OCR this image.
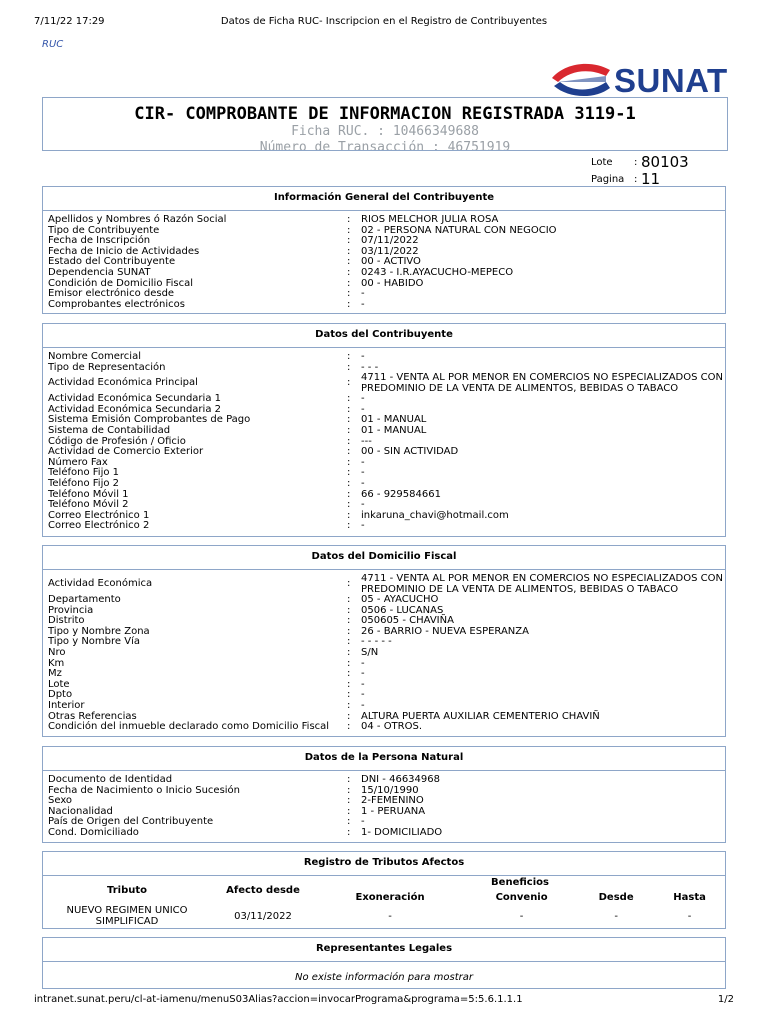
7/11/22 17:29	Datos de Ficha RUC- Inscripcion en el Registro de Contribuyentes
RUC
SUNAT
CIR- COMPROBANTE DE INFORMACION REGISTRADA 3119-1
Ficha RUC. : 10466349688
Número de Transacción : 46751919
Lote	: 80103
Pagina : 11
Información General del Contribuyente
Apellidos y Nombres ó Razón Social	: RIOS MELCHOR JULIA ROSA
Tipo de Contribuyente	: 02 - PERSONA NATURAL CON NEGOCIO
Fecha de Inscripción	: 07/11/2022
Fecha de Inicio de Actividades	: 03/11/2022
Estado del Contribuyente	: 00 - ACTIVO
Dependencia SUNAT	: 0243 - I.R.AYACUCHO-MEPECO
Condición de Domicilio Fiscal	: 00 - HABIDO
Emisor electrónico desde	: -
Comprobantes electrónicos	: -
Datos del Contribuyente
Nombre Comercial	: -
Tipo de Representación	: - - -
Actividad Económica Principal	: 4711 - VENTA AL POR MENOR EN COMERCIOS NO ESPECIALIZADOS CON
PREDOMINIO DE LA VENTA DE ALIMENTOS, BEBIDAS O TABACO
Actividad Económica Secundaria 1	: -
Actividad Económica Secundaria 2	: -
Sistema Emisión Comprobantes de Pago	: 01 - MANUAL
Sistema de Contabilidad	: 01 - MANUAL
Código de Profesión / Oficio	: ---
Actividad de Comercio Exterior	: 00 - SIN ACTIVIDAD
Número Fax	: -
Teléfono Fijo 1	: -
Teléfono Fijo 2	: -
Teléfono Móvil 1	: 66 - 929584661
Teléfono Móvil 2	: -
Correo Electrónico 1	: inkaruna_chavi@hotmail.com
Correo Electrónico 2	: -
Datos del Domicilio Fiscal
Actividad Económica	: 4711 - VENTA AL POR MENOR EN COMERCIOS NO ESPECIALIZADOS CON
PREDOMINIO DE LA VENTA DE ALIMENTOS, BEBIDAS O TABACO
Departamento	: 05 - AYACUCHO
Provincia	: 0506 - LUCANAS
Distrito	: 050605 - CHAVIÑA
Tipo y Nombre Zona	: 26 - BARRIO - NUEVA ESPERANZA
Tipo y Nombre Vía	: - - - - -
Nro	: S/N
Km	: -
Mz	: -
Lote	: -
Dpto	: -
Interior	: -
Otras Referencias	: ALTURA PUERTA AUXILIAR CEMENTERIO CHAVIÑ
Condición del inmueble declarado como Domicilio Fiscal : 04 - OTROS.
Datos de la Persona Natural
Documento de Identidad	: DNI - 46634968
Fecha de Nacimiento o Inicio Sucesión	: 15/10/1990
Sexo	: 2-FEMENINO
Nacionalidad	: 1 - PERUANA
País de Origen del Contribuyente	: -
Cond. Domiciliado	: 1- DOMICILIADO
Registro de Tributos Afectos
Tributo	Afecto desde	Beneficios			
		Exoneración	Convenio	Desde	Hasta
NUEVO REGIMEN UNICO SIMPLIFICAD	03/11/2022	-	-	-	-
Representantes Legales
No existe información para mostrar
intranet.sunat.peru/cl-at-iamenu/menuS03Alias?accion=invocarPrograma&programa=5:5.6.1.1.1	1/2
